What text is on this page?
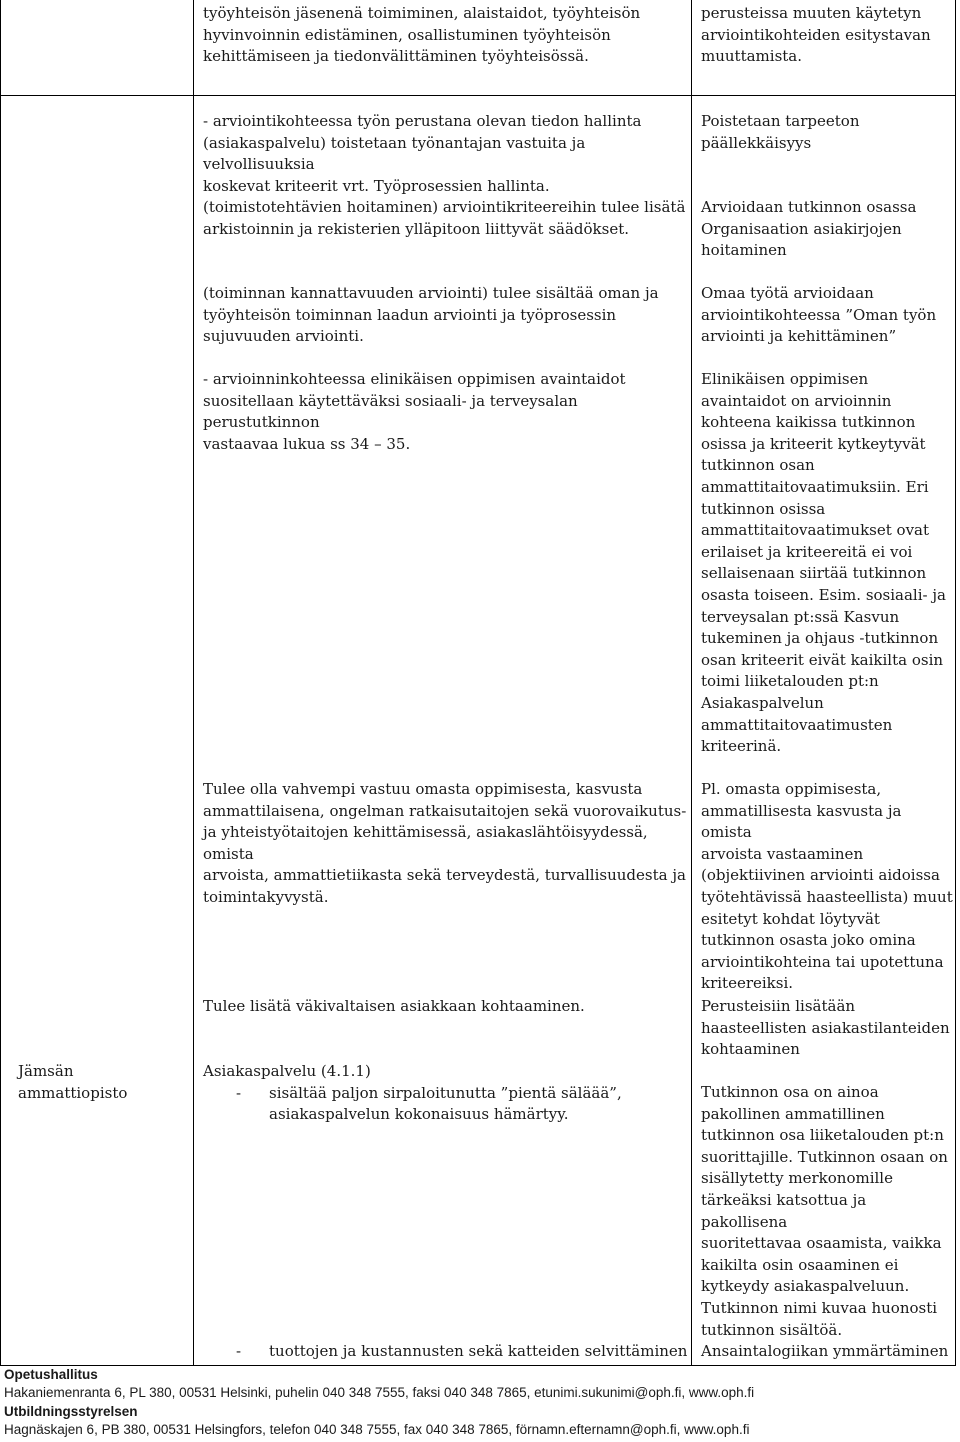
työyhteisön jäsenenä toimiminen, alaistaidot, työyhteisön

hyvinvoinnin edistäminen, osallistuminen työyhteisön

kehittämiseen ja tiedonvälittäminen työyhteisössä.

perusteissa muuten käytetyn

arviointikohteiden esitystavan

muuttamista.

Jämsän

ammattiopisto

- arviointikohteessa työn perustana olevan tiedon hallinta

(asiakaspalvelu) toistetaan työnantajan vastuita ja velvollisuuksia

koskevat kriteerit vrt. Työprosessien hallinta.

(toimistotehtävien hoitaminen) arviointikriteereihin tulee lisätä

arkistoinnin ja rekisterien ylläpitoon liittyvät säädökset.

(toiminnan kannattavuuden arviointi) tulee sisältää oman ja

työyhteisön toiminnan laadun arviointi ja työprosessin

sujuvuuden arviointi.

- arvioinninkohteessa elinikäisen oppimisen avaintaidot

suositellaan käytettäväksi sosiaali- ja terveysalan perustutkinnon

vastaavaa lukua ss 34 – 35.

Tulee olla vahvempi vastuu omasta oppimisesta, kasvusta

ammattilaisena, ongelman ratkaisutaitojen sekä vuorovaikutus-

ja yhteistyötaitojen kehittämisessä, asiakaslähtöisyydessä, omista

arvoista, ammattietiikasta sekä terveydestä, turvallisuudesta ja

toimintakyvystä.

Tulee lisätä väkivaltaisen asiakkaan kohtaaminen.

Asiakaspalvelu (4.1.1)

-	sisältää paljon sirpaloitunutta ”pientä säläää”,

asiakaspalvelun kokonaisuus hämärtyy.

-	tuottojen ja kustannusten sekä katteiden selvittäminen

Poistetaan tarpeeton

päällekkäisyys

Arvioidaan tutkinnon osassa

Organisaation asiakirjojen

hoitaminen

Omaa työtä arvioidaan

arviointikohteessa ”Oman työn

arviointi ja kehittäminen”

Elinikäisen oppimisen

avaintaidot on arvioinnin

kohteena kaikissa tutkinnon

osissa ja kriteerit kytkeytyvät

tutkinnon osan

ammattitaitovaatimuksiin. Eri

tutkinnon osissa

ammattitaitovaatimukset ovat

erilaiset ja kriteereitä ei voi

sellaisenaan siirtää tutkinnon

osasta toiseen. Esim. sosiaali- ja

terveysalan pt:ssä Kasvun

tukeminen ja ohjaus -tutkinnon

osan kriteerit eivät kaikilta osin

toimi liiketalouden pt:n

Asiakaspalvelun

ammattitaitovaatimusten

kriteerinä.

Pl. omasta oppimisesta,

ammatillisesta kasvusta ja omista

arvoista vastaaminen

(objektiivinen arviointi aidoissa

työtehtävissä haasteellista) muut

esitetyt kohdat löytyvät

tutkinnon osasta joko omina

arviointikohteina tai upotettuna

kriteereiksi.

Perusteisiin lisätään

haasteellisten asiakastilanteiden

kohtaaminen

Tutkinnon osa on ainoa

pakollinen ammatillinen

tutkinnon osa liiketalouden pt:n

suorittajille. Tutkinnon osaan on

sisällytetty merkonomille

tärkeäksi katsottua ja pakollisena

suoritettavaa osaamista, vaikka

kaikilta osin osaaminen ei

kytkeydy asiakaspalveluun.

Tutkinnon nimi kuvaa huonosti

tutkinnon sisältöä.

Ansaintalogiikan ymmärtäminen

Opetushallitus
Hakaniemenranta 6, PL 380, 00531 Helsinki, puhelin 040 348 7555, faksi 040 348 7865, etunimi.sukunimi@oph.fi, www.oph.fi
Utbildningsstyrelsen
Hagnäskajen 6, PB 380, 00531 Helsingfors, telefon 040 348 7555, fax 040 348 7865, förnamn.efternamn@oph.fi, www.oph.fi
